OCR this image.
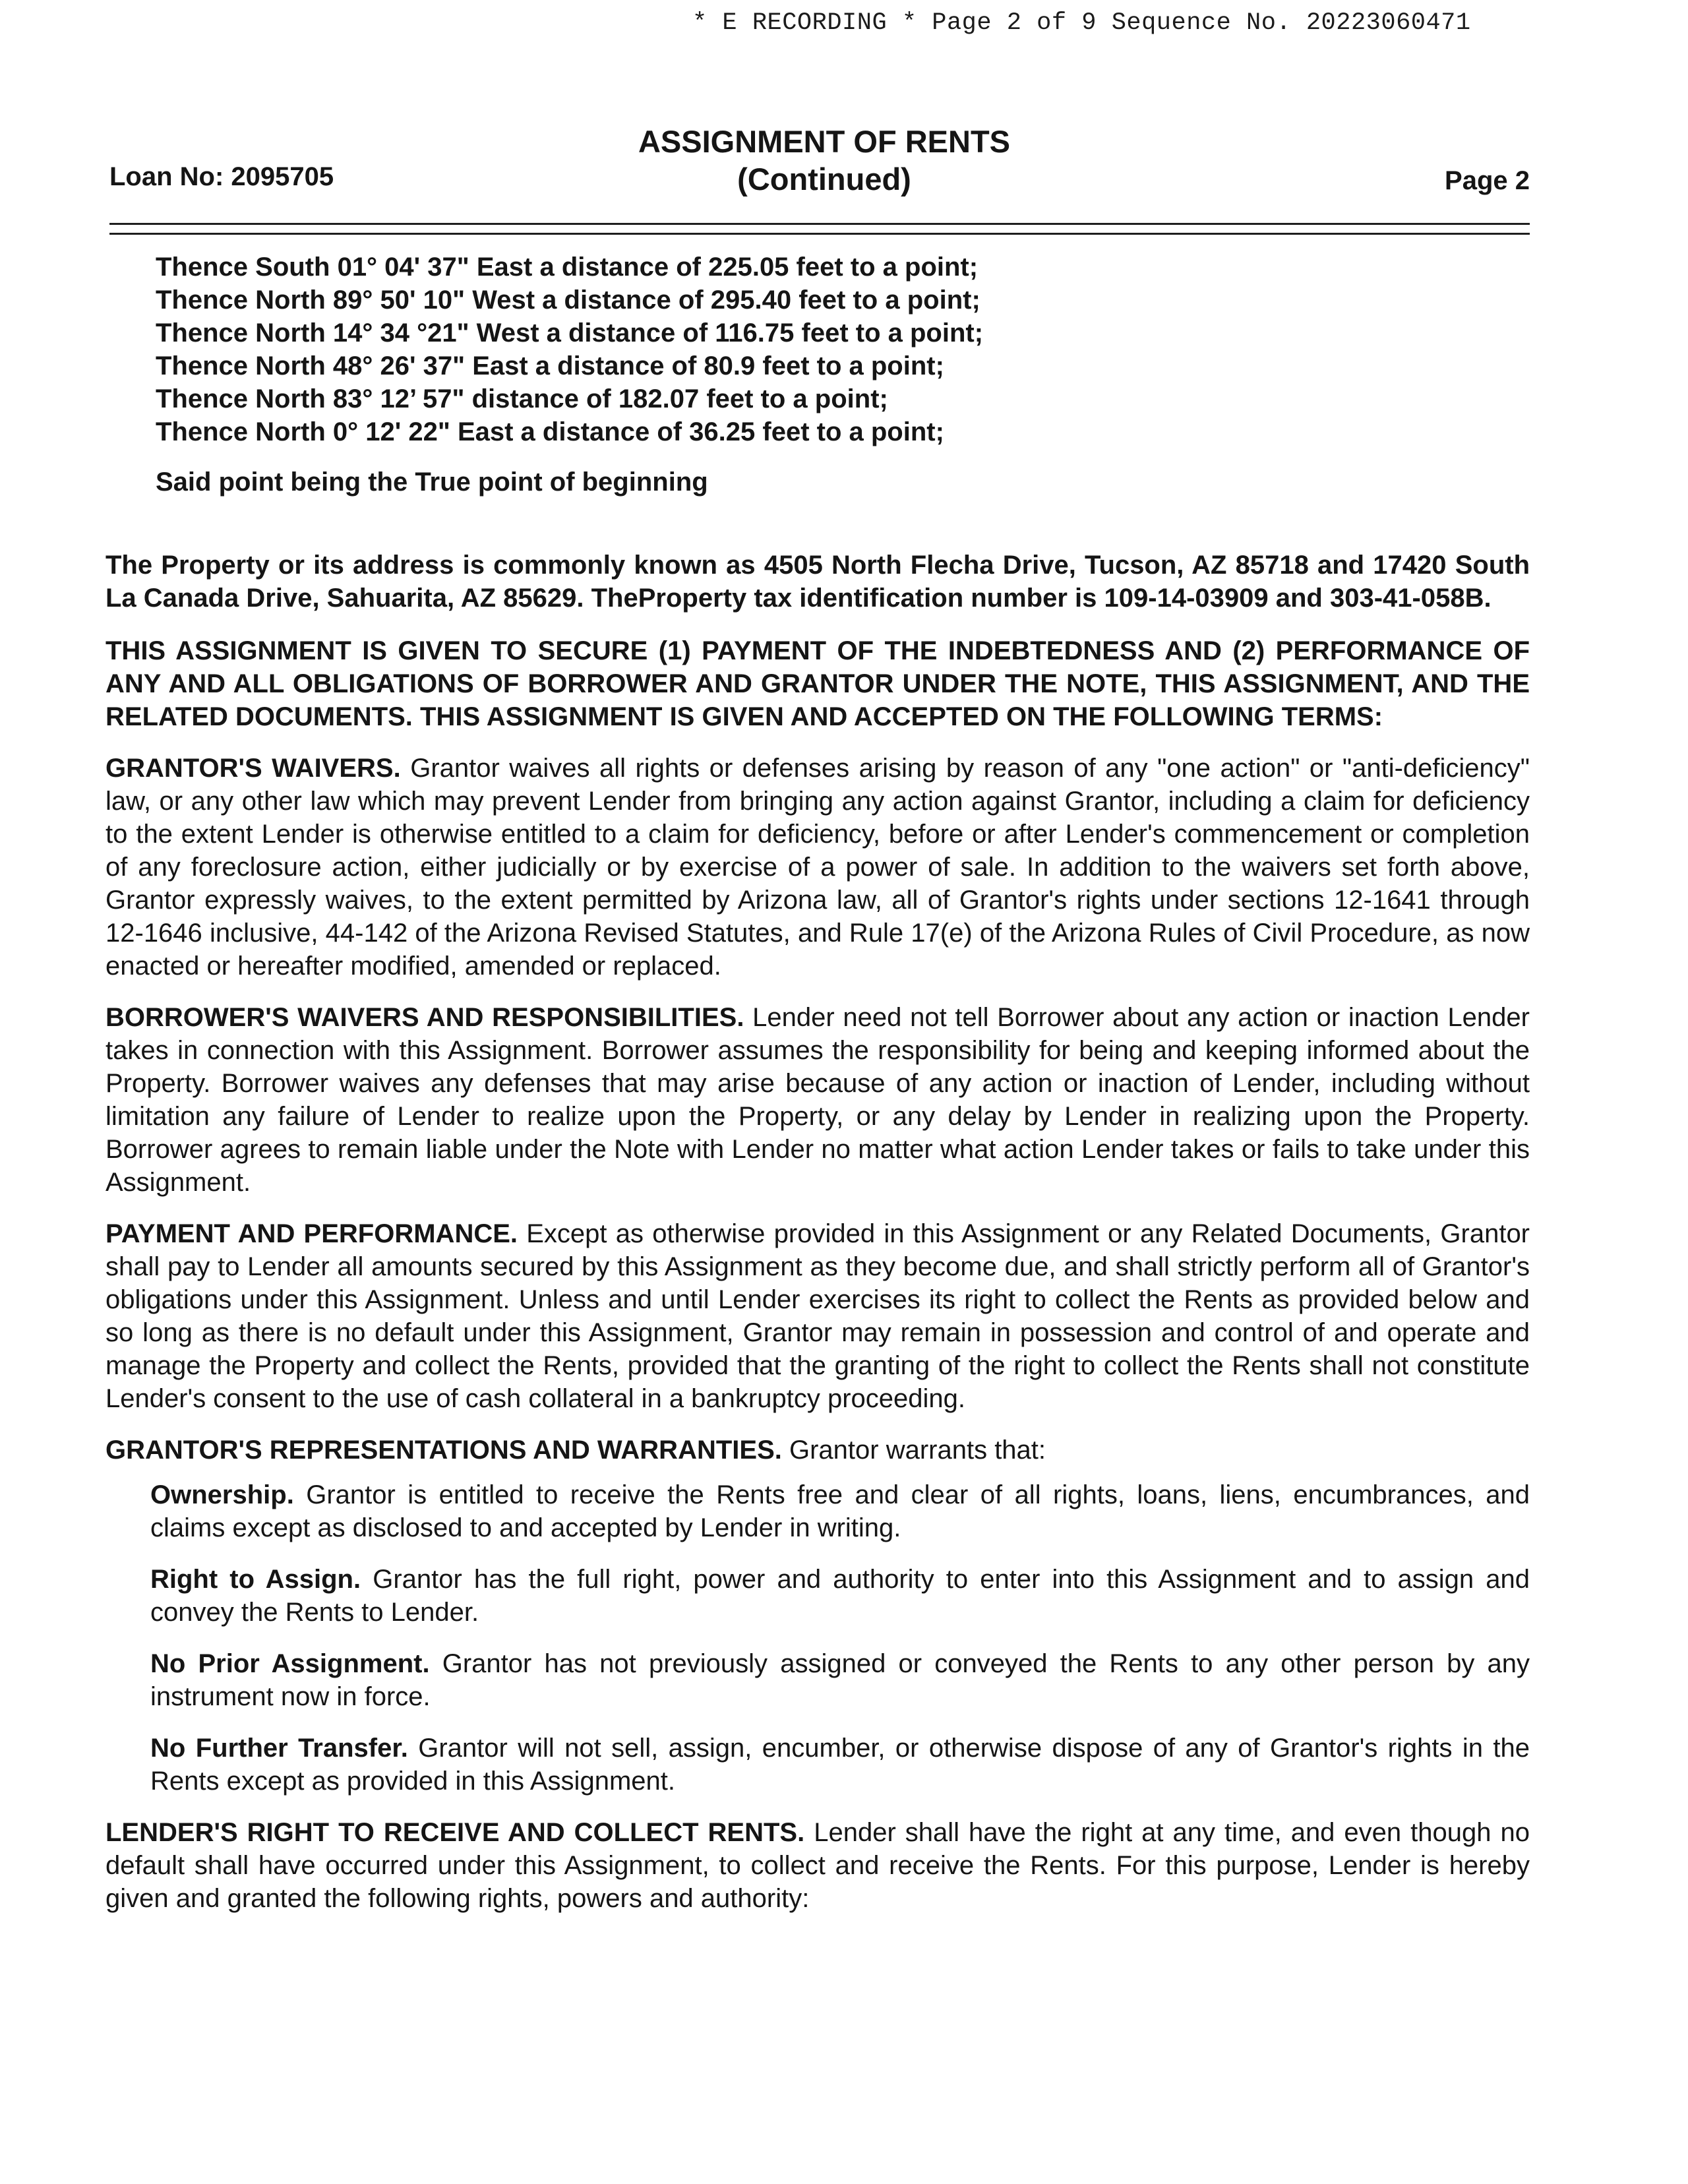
* E RECORDING * Page 2 of 9 Sequence No. 20223060471
Loan No: 2095705
ASSIGNMENT OF RENTS
(Continued)	Page 2
Thence South 01° 04' 37" East a distance of 225.05 feet to a point;
Thence North 89° 50' 10" West a distance of 295.40 feet to a point;
Thence North 14° 34 °21" West a distance of 116.75 feet to a point;
Thence North 48° 26' 37" East a distance of 80.9 feet to a point;
Thence North 83° 12’ 57" distance of 182.07 feet to a point;
Thence North 0° 12' 22" East a distance of 36.25 feet to a point;

Said point being the True point of beginning

The Property or its address is commonly known as 4505 North Flecha Drive, Tucson, AZ 85718 and 17420 South La Canada Drive, Sahuarita, AZ 85629. TheProperty tax identification number is 109-14-03909 and 303-41-058B.

THIS ASSIGNMENT IS GIVEN TO SECURE (1) PAYMENT OF THE INDEBTEDNESS AND (2) PERFORMANCE OF ANY AND ALL OBLIGATIONS OF BORROWER AND GRANTOR UNDER THE NOTE, THIS ASSIGNMENT, AND THE RELATED DOCUMENTS. THIS ASSIGNMENT IS GIVEN AND ACCEPTED ON THE FOLLOWING TERMS:

GRANTOR'S WAIVERS. Grantor waives all rights or defenses arising by reason of any "one action" or "anti-deficiency" law, or any other law which may prevent Lender from bringing any action against Grantor, including a claim for deficiency to the extent Lender is otherwise entitled to a claim for deficiency, before or after Lender's commencement or completion of any foreclosure action, either judicially or by exercise of a power of sale. In addition to the waivers set forth above, Grantor expressly waives, to the extent permitted by Arizona law, all of Grantor's rights under sections 12-1641 through 12-1646 inclusive, 44-142 of the Arizona Revised Statutes, and Rule 17(e) of the Arizona Rules of Civil Procedure, as now enacted or hereafter modified, amended or replaced.

BORROWER'S WAIVERS AND RESPONSIBILITIES. Lender need not tell Borrower about any action or inaction Lender takes in connection with this Assignment. Borrower assumes the responsibility for being and keeping informed about the Property. Borrower waives any defenses that may arise because of any action or inaction of Lender, including without limitation any failure of Lender to realize upon the Property, or any delay by Lender in realizing upon the Property. Borrower agrees to remain liable under the Note with Lender no matter what action Lender takes or fails to take under this Assignment.

PAYMENT AND PERFORMANCE. Except as otherwise provided in this Assignment or any Related Documents, Grantor shall pay to Lender all amounts secured by this Assignment as they become due, and shall strictly perform all of Grantor's obligations under this Assignment. Unless and until Lender exercises its right to collect the Rents as provided below and so long as there is no default under this Assignment, Grantor may remain in possession and control of and operate and manage the Property and collect the Rents, provided that the granting of the right to collect the Rents shall not constitute Lender's consent to the use of cash collateral in a bankruptcy proceeding.

GRANTOR'S REPRESENTATIONS AND WARRANTIES. Grantor warrants that:

Ownership. Grantor is entitled to receive the Rents free and clear of all rights, loans, liens, encumbrances, and claims except as disclosed to and accepted by Lender in writing.

Right to Assign. Grantor has the full right, power and authority to enter into this Assignment and to assign and convey the Rents to Lender.

No Prior Assignment. Grantor has not previously assigned or conveyed the Rents to any other person by any instrument now in force.

No Further Transfer. Grantor will not sell, assign, encumber, or otherwise dispose of any of Grantor's rights in the Rents except as provided in this Assignment.

LENDER'S RIGHT TO RECEIVE AND COLLECT RENTS. Lender shall have the right at any time, and even though no default shall have occurred under this Assignment, to collect and receive the Rents. For this purpose, Lender is hereby given and granted the following rights, powers and authority:
